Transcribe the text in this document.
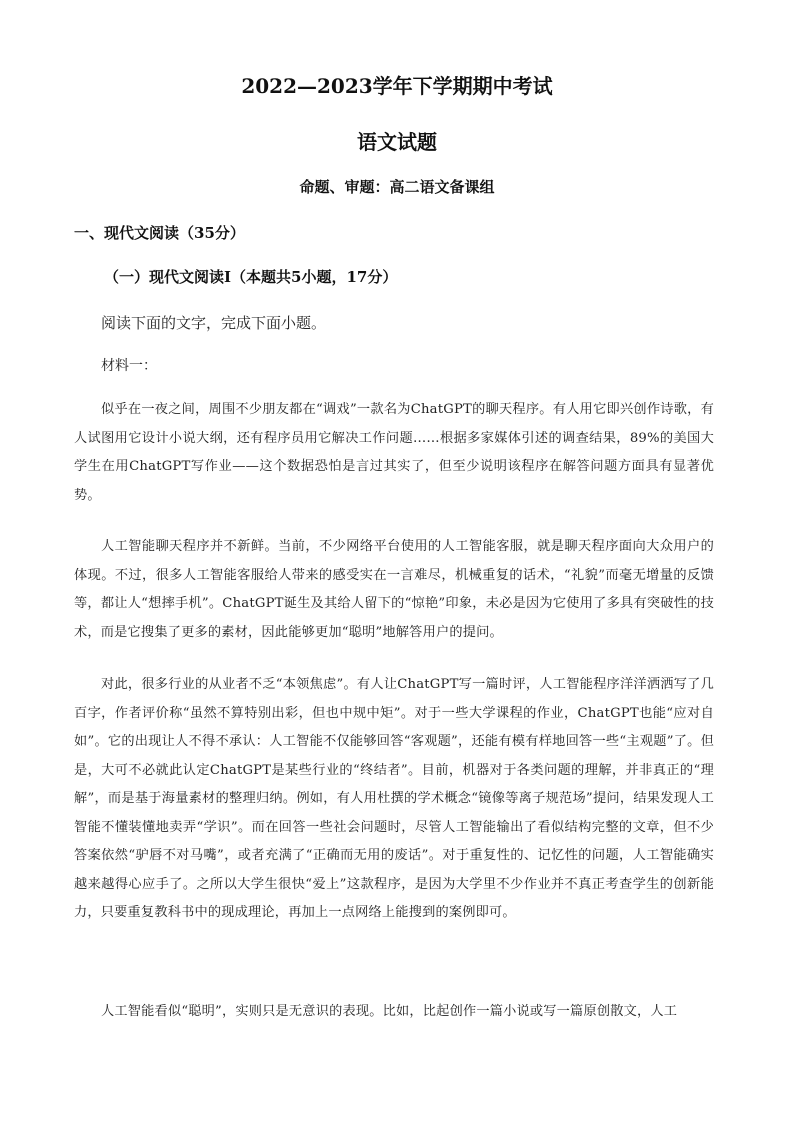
2022—2023学年下学期期中考试
语文试题
命题、审题：高二语文备课组
一、现代文阅读（35分）
（一）现代文阅读Ⅰ（本题共5小题，17分）
阅读下面的文字，完成下面小题。
材料一：
似乎在一夜之间，周围不少朋友都在“调戏”一款名为ChatGPT的聊天程序。有人用它即兴创作诗歌，有人试图用它设计小说大纲，还有程序员用它解决工作问题……根据多家媒体引述的调查结果，89%的美国大学生在用ChatGPT写作业——这个数据恐怕是言过其实了，但至少说明该程序在解答问题方面具有显著优势。
人工智能聊天程序并不新鲜。当前，不少网络平台使用的人工智能客服，就是聊天程序面向大众用户的体现。不过，很多人工智能客服给人带来的感受实在一言难尽，机械重复的话术，“礼貌”而毫无增量的反馈等，都让人“想摔手机”。ChatGPT诞生及其给人留下的“惊艳”印象，未必是因为它使用了多具有突破性的技术，而是它搜集了更多的素材，因此能够更加“聪明”地解答用户的提问。
对此，很多行业的从业者不乏“本领焦虑”。有人让ChatGPT写一篇时评，人工智能程序洋洋洒洒写了几百字，作者评价称“虽然不算特别出彩，但也中规中矩”。对于一些大学课程的作业，ChatGPT也能“应对自如”。它的出现让人不得不承认：人工智能不仅能够回答“客观题”，还能有模有样地回答一些“主观题”了。但是，大可不必就此认定ChatGPT是某些行业的“终结者”。目前，机器对于各类问题的理解，并非真正的“理解”，而是基于海量素材的整理归纳。例如，有人用杜撰的学术概念“镜像等离子规范场”提问，结果发现人工智能不懂装懂地卖弄“学识”。而在回答一些社会问题时，尽管人工智能输出了看似结构完整的文章，但不少答案依然“驴唇不对马嘴”，或者充满了“正确而无用的废话”。对于重复性的、记忆性的问题，人工智能确实越来越得心应手了。之所以大学生很快“爱上”这款程序，是因为大学里不少作业并不真正考查学生的创新能力，只要重复教科书中的现成理论，再加上一点网络上能搜到的案例即可。
人工智能看似“聪明”，实则只是无意识的表现。比如，比起创作一篇小说或写一篇原创散文，人工
